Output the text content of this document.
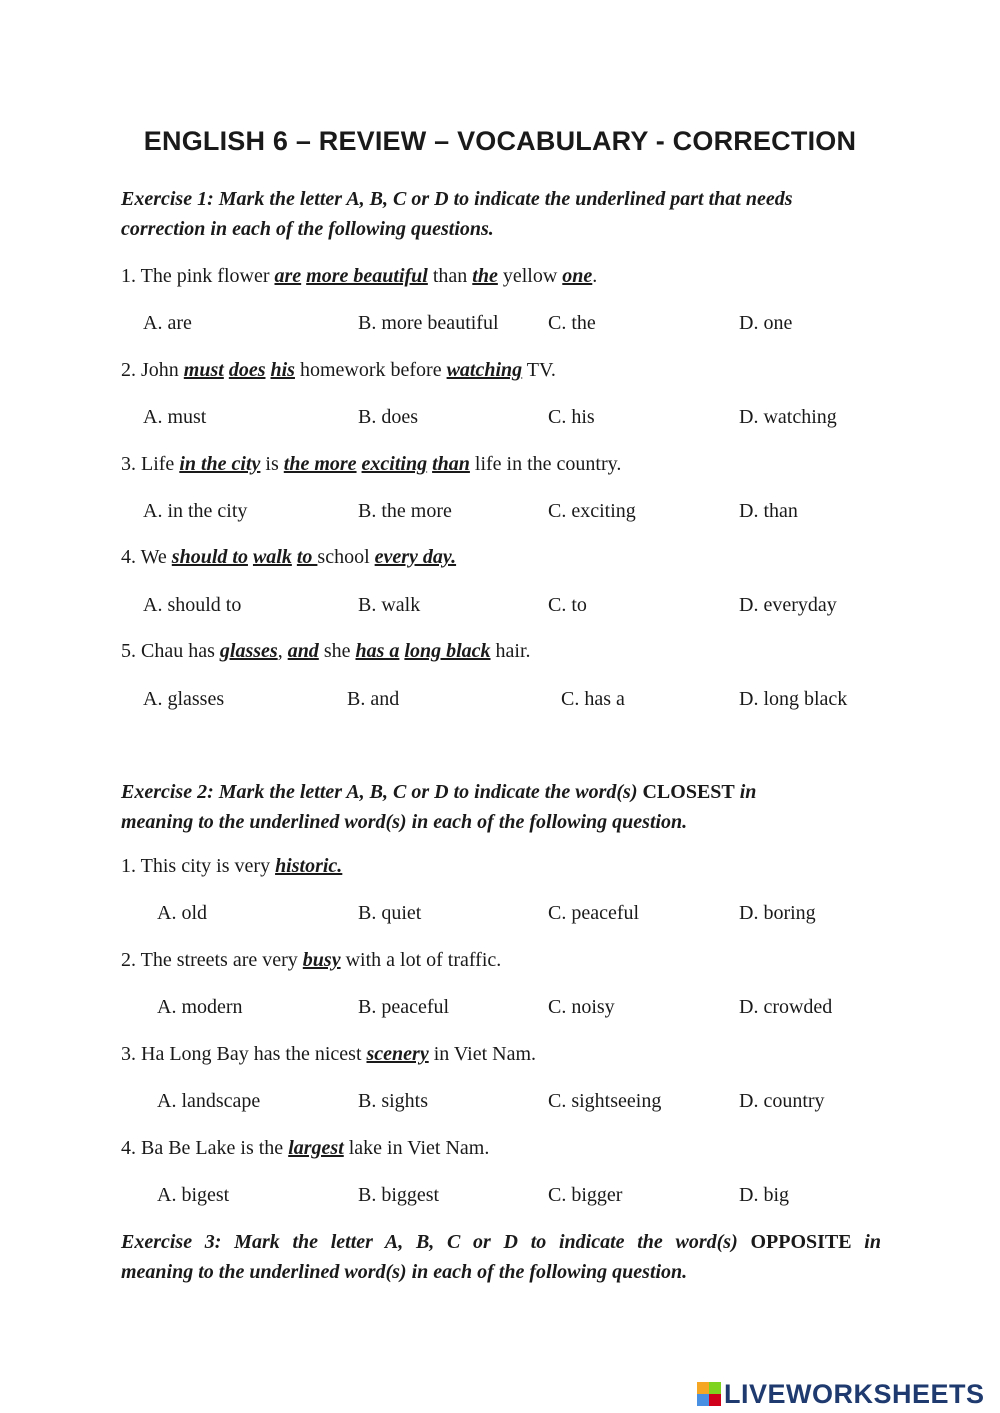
ENGLISH 6 – REVIEW – VOCABULARY - CORRECTION
Exercise 1: Mark the letter A, B, C or D to indicate the underlined part that needs
correction in each of the following questions.
1. The pink flower are more beautiful than the yellow one.
A. are	B. more beautiful C. the	D. one
2. John must does his homework before watching TV.
A. must	B. does	C. his	D. watching
3. Life in the city is the more exciting than life in the country.
A. in the city	B. the more	C. exciting	D. than
4. We should to walk to school every day.
A. should to	B. walk	C. to	D. everyday
5. Chau has glasses, and she has a long black hair.
A. glasses	B. and	C. has a	D. long black
Exercise 2: Mark the letter A, B, C or D to indicate the word(s) CLOSEST in
meaning to the underlined word(s) in each of the following question.
1. This city is very historic.
A. old	B. quiet	C. peaceful	D. boring
2. The streets are very busy with a lot of traffic.
A. modern	B. peaceful	C. noisy	D. crowded
3. Ha Long Bay has the nicest scenery in Viet Nam.
A. landscape	B. sights	C. sightseeing	D. country
4. Ba Be Lake is the largest lake in Viet Nam.
A. bigest	B. biggest	C. bigger	D. big
Exercise 3: Mark the letter A, B, C or D to indicate the word(s) OPPOSITE in
meaning to the underlined word(s) in each of the following question.
LIVEWORKSHEETS
